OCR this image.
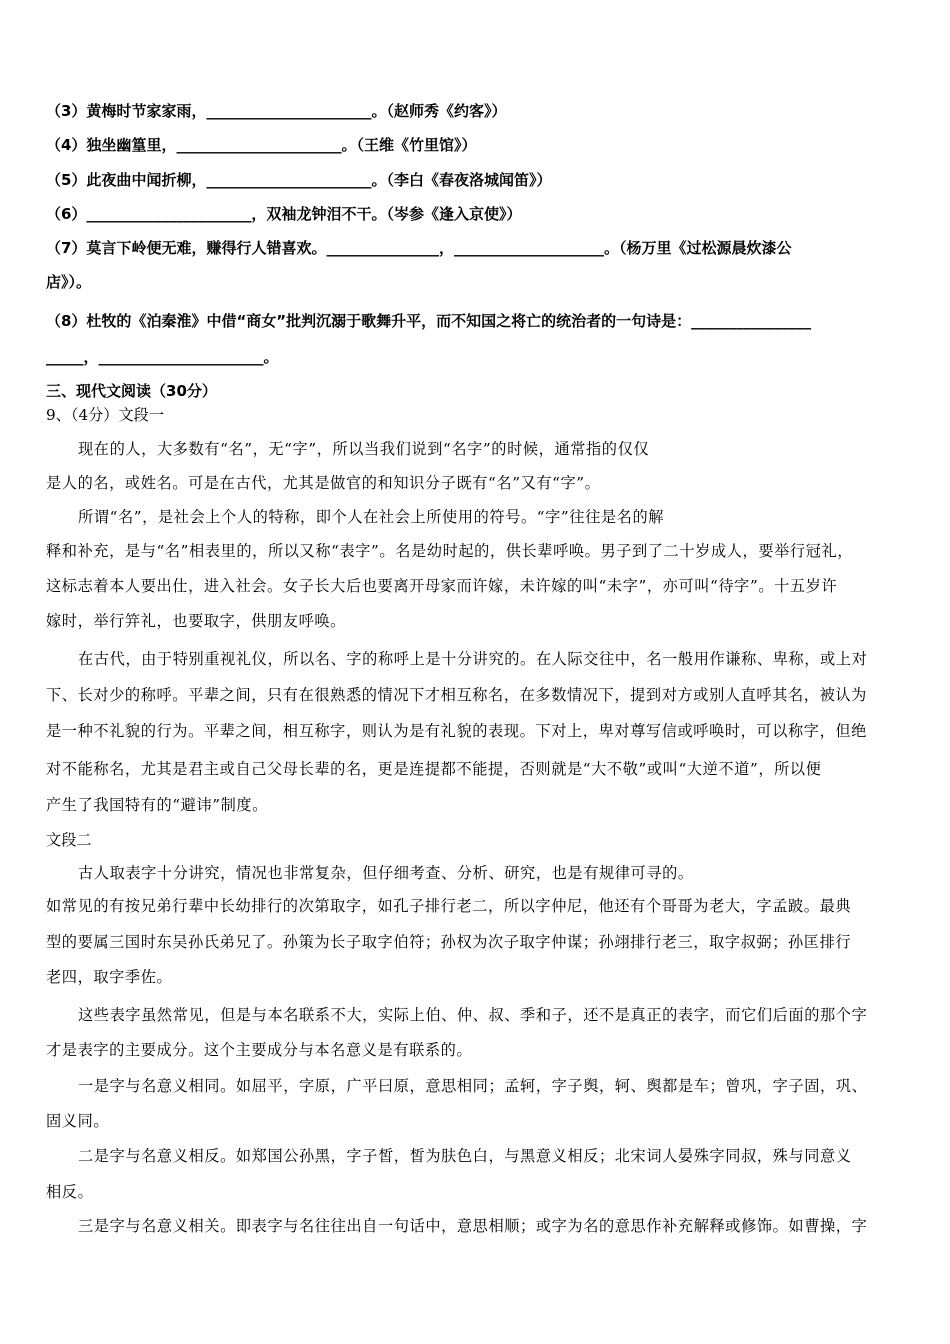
（3）黄梅时节家家雨，______________________。（赵师秀《约客》）
（4）独坐幽篁里，______________________。（王维《竹里馆》）
（5）此夜曲中闻折柳，______________________。（李白《春夜洛城闻笛》）
（6）______________________，双袖龙钟泪不干。（岑参《逢入京使》）
（7）莫言下岭便无难，赚得行人错喜欢。_______________，____________________。（杨万里《过松源晨炊漆公
店》）。
（8）杜牧的《泊秦淮》中借“商女”批判沉溺于歌舞升平，而不知国之将亡的统治者的一句诗是：________________
_____，______________________。
三、现代文阅读（30分）
9、（4分）文段一
现在的人，大多数有“名”，无“字”，所以当我们说到“名字”的时候，通常指的仅仅
是人的名，或姓名。可是在古代，尤其是做官的和知识分子既有“名”又有“字”。
所谓“名”，是社会上个人的特称，即个人在社会上所使用的符号。“字”往往是名的解
释和补充，是与“名”相表里的，所以又称“表字”。名是幼时起的，供长辈呼唤。男子到了二十岁成人，要举行冠礼，
这标志着本人要出仕，进入社会。女子长大后也要离开母家而许嫁，未许嫁的叫“未字”，亦可叫“待字”。十五岁许
嫁时，举行笄礼，也要取字，供朋友呼唤。
在古代，由于特别重视礼仪，所以名、字的称呼上是十分讲究的。在人际交往中，名一般用作谦称、卑称，或上对
下、长对少的称呼。平辈之间，只有在很熟悉的情况下才相互称名，在多数情况下，提到对方或别人直呼其名，被认为
是一种不礼貌的行为。平辈之间，相互称字，则认为是有礼貌的表现。下对上，卑对尊写信或呼唤时，可以称字，但绝
对不能称名，尤其是君主或自己父母长辈的名，更是连提都不能提，否则就是“大不敬”或叫“大逆不道”，所以便
产生了我国特有的“避讳”制度。
文段二
古人取表字十分讲究，情况也非常复杂，但仔细考查、分析、研究，也是有规律可寻的。
如常见的有按兄弟行辈中长幼排行的次第取字，如孔子排行老二，所以字仲尼，他还有个哥哥为老大，字孟跛。最典
型的要属三国时东吴孙氏弟兄了。孙策为长子取字伯符；孙权为次子取字仲谋；孙翊排行老三，取字叔弼；孙匡排行
老四，取字季佐。
这些表字虽然常见，但是与本名联系不大，实际上伯、仲、叔、季和子，还不是真正的表字，而它们后面的那个字
才是表字的主要成分。这个主要成分与本名意义是有联系的。
一是字与名意义相同。如屈平，字原，广平曰原，意思相同；孟轲，字子舆，轲、舆都是车；曾巩，字子固，巩、
固义同。
二是字与名意义相反。如郑国公孙黑，字子皙，皙为肤色白，与黑意义相反；北宋词人晏殊字同叔，殊与同意义
相反。
三是字与名意义相关。即表字与名往往出自一句话中，意思相顺；或字为名的意思作补充解释或修饰。如曹操，字
